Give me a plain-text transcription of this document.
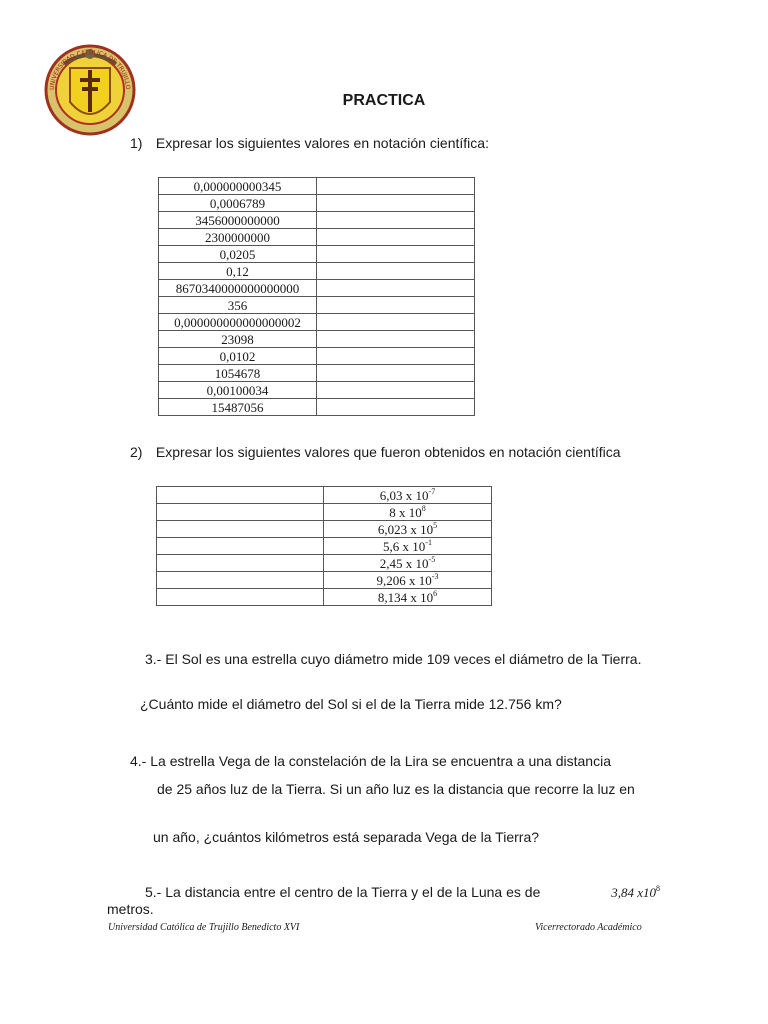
UNIVERSIDAD CATÓLICA DE TRUJILLO
PRACTICA
1) Expresar los siguientes valores en notación científica:
0,000000000345	
0,0006789	
3456000000000	
2300000000	
0,0205	
0,12	
8670340000000000000	
356	
0,000000000000000002	
23098	
0,0102	
1054678	
0,00100034	
15487056	
2) Expresar los siguientes valores que fueron obtenidos en notación científica
	6,03 x $10^{-7}$
	8 x $10^8$
	6,023 x $10^5$
	5,6 x $10^{-1}$
	2,45 x $10^{-5}$
	9,206 x $10^{-3}$
	8,134 x $10^6$
3.- El Sol es una estrella cuyo diámetro mide 109 veces el diámetro de la Tierra.
¿Cuánto mide el diámetro del Sol si el de la Tierra mide 12.756 km?
4.- La estrella Vega de la constelación de la Lira se encuentra a una distancia
de 25 años luz de la Tierra. Si un año luz es la distancia que recorre la luz en
un año, ¿cuántos kilómetros está separada Vega de la Tierra?
5.- La distancia entre el centro de la Tierra y el de la Luna es de	3,84 $x10^8$
metros.
Universidad Católica de Trujillo Benedicto XVI	Vicerrectorado Académico
